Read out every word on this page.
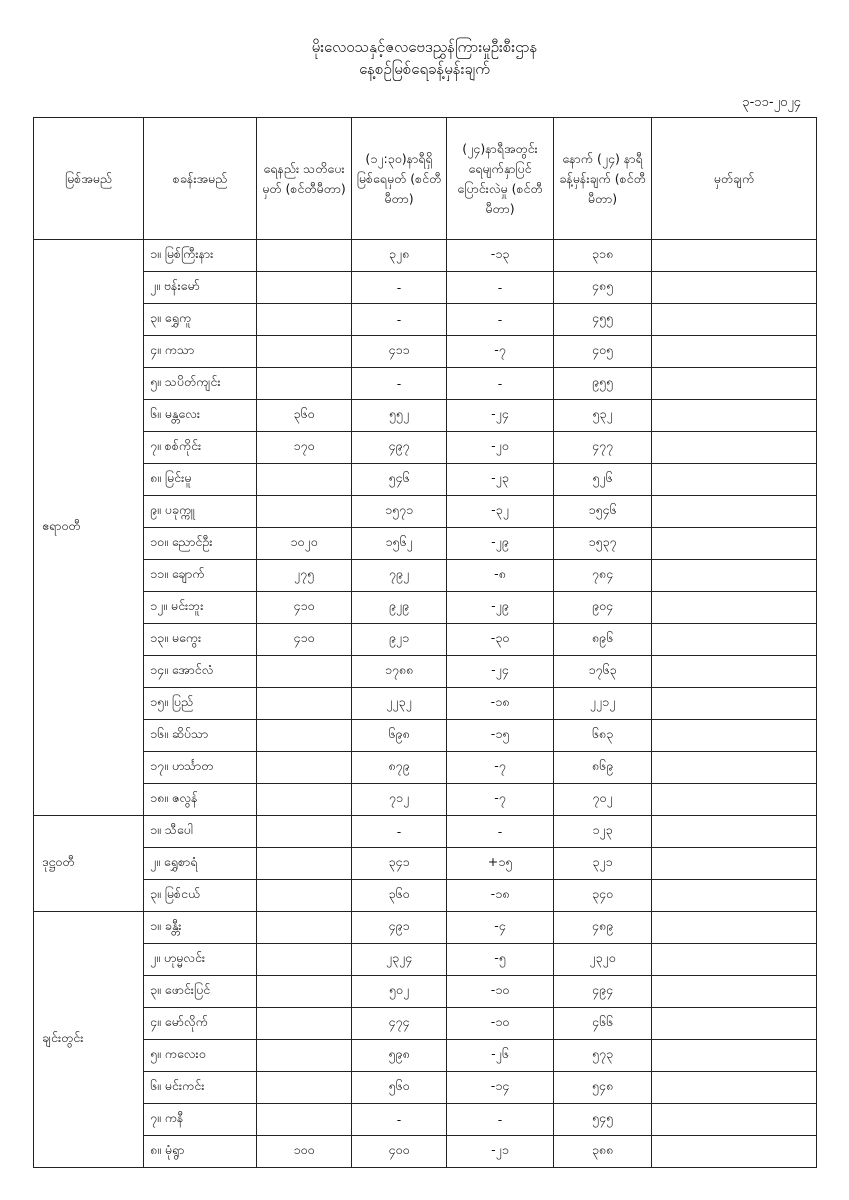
မိုးလေဝသနှင့်ဇလဗေဒညွှန်ကြားမှုဦးစီးဌာန
နေ့စဉ်မြစ်ရေခန့်မှန်းချက်
၃-၁၁-၂၀၂၄
မြစ်အမည်	စခန်းအမည်	ရေနည်း သတိပေးမှတ် (စင်တီမီတာ)	(၁၂:၃၀)နာရီရှိ မြစ်ရေမှတ် (စင်တီမီတာ)	(၂၄)နာရီအတွင်း ရေမျက်နှာပြင် ပြောင်းလဲမှု (စင်တီမီတာ)	နောက် (၂၄) နာရီ ခန့်မှန်းချက် (စင်တီမီတာ)	မှတ်ချက်
ဧရာဝတီ	၁။ မြစ်ကြီးနား		၃၂၈	-၁၃	၃၁၈	
	၂။ ဗန်းမော်		-	-	၄၈၅	
	၃။ ရွှေကူ		-	-	၄၅၅	
	၄။ ကသာ		၄၁၁	-၇	၄၀၅	
	၅။ သပိတ်ကျင်း		-	-	၉၅၅	
	၆။ မန္တလေး	၃၆၀	၅၅၂	-၂၄	၅၃၂	
	၇။ စစ်ကိုင်း	၁၇၀	၄၉၇	-၂၀	၄၇၇	
	၈။ မြင်းမူ		၅၄၆	-၂၃	၅၂၆	
	၉။ ပခုက္ကူ		၁၅၇၁	-၃၂	၁၅၄၆	
	၁၀။ ညောင်ဦး	၁၀၂၀	၁၅၆၂	-၂၉	၁၅၃၇	
	၁၁။ ချောက်	၂၇၅	၇၉၂	-၈	၇၈၄	
	၁၂။ မင်းဘူး	၄၁၀	၉၂၉	-၂၉	၉၀၄	
	၁၃။ မကွေး	၄၁၀	၉၂၁	-၃၀	၈၉၆	
	၁၄။ အောင်လံ		၁၇၈၈	-၂၄	၁၇၆၃	
	၁၅။ ပြည်		၂၂၃၂	-၁၈	၂၂၁၂	
	၁၆။ ဆိပ်သာ		၆၉၈	-၁၅	၆၈၃	
	၁၇။ ဟင်္သာတ		၈၇၉	-၇	၈၆၉	
	၁၈။ ဇလွန်		၇၁၂	-၇	၇၀၂	
ဒုဋ္ဌဝတီ	၁။ သီပေါ		-	-	၁၂၃	
	၂။ ရွှေစာရံ		၃၄၁	+၁၅	၃၂၁	
	၃။ မြစ်ငယ်		၃၆၀	-၁၈	၃၄၀	
ချင်းတွင်း	၁။ ခန္တီး		၄၉၁	-၄	၄၈၉	
	၂။ ဟုမ္မလင်း		၂၃၂၄	-၅	၂၃၂၀	
	၃။ ဖောင်းပြင်		၅၀၂	-၁၀	၄၉၄	
	၄။ မော်လိုက်		၄၇၄	-၁၀	၄၆၆	
	၅။ ကလေးဝ		၅၉၈	-၂၆	၅၇၃	
	၆။ မင်းကင်း		၅၆၀	-၁၄	၅၄၈	
	၇။ ကနီ		-	-	၅၄၅	
	၈။ မုံရွာ	၁၀၀	၄၀၀	-၂၁	၃၈၈	
